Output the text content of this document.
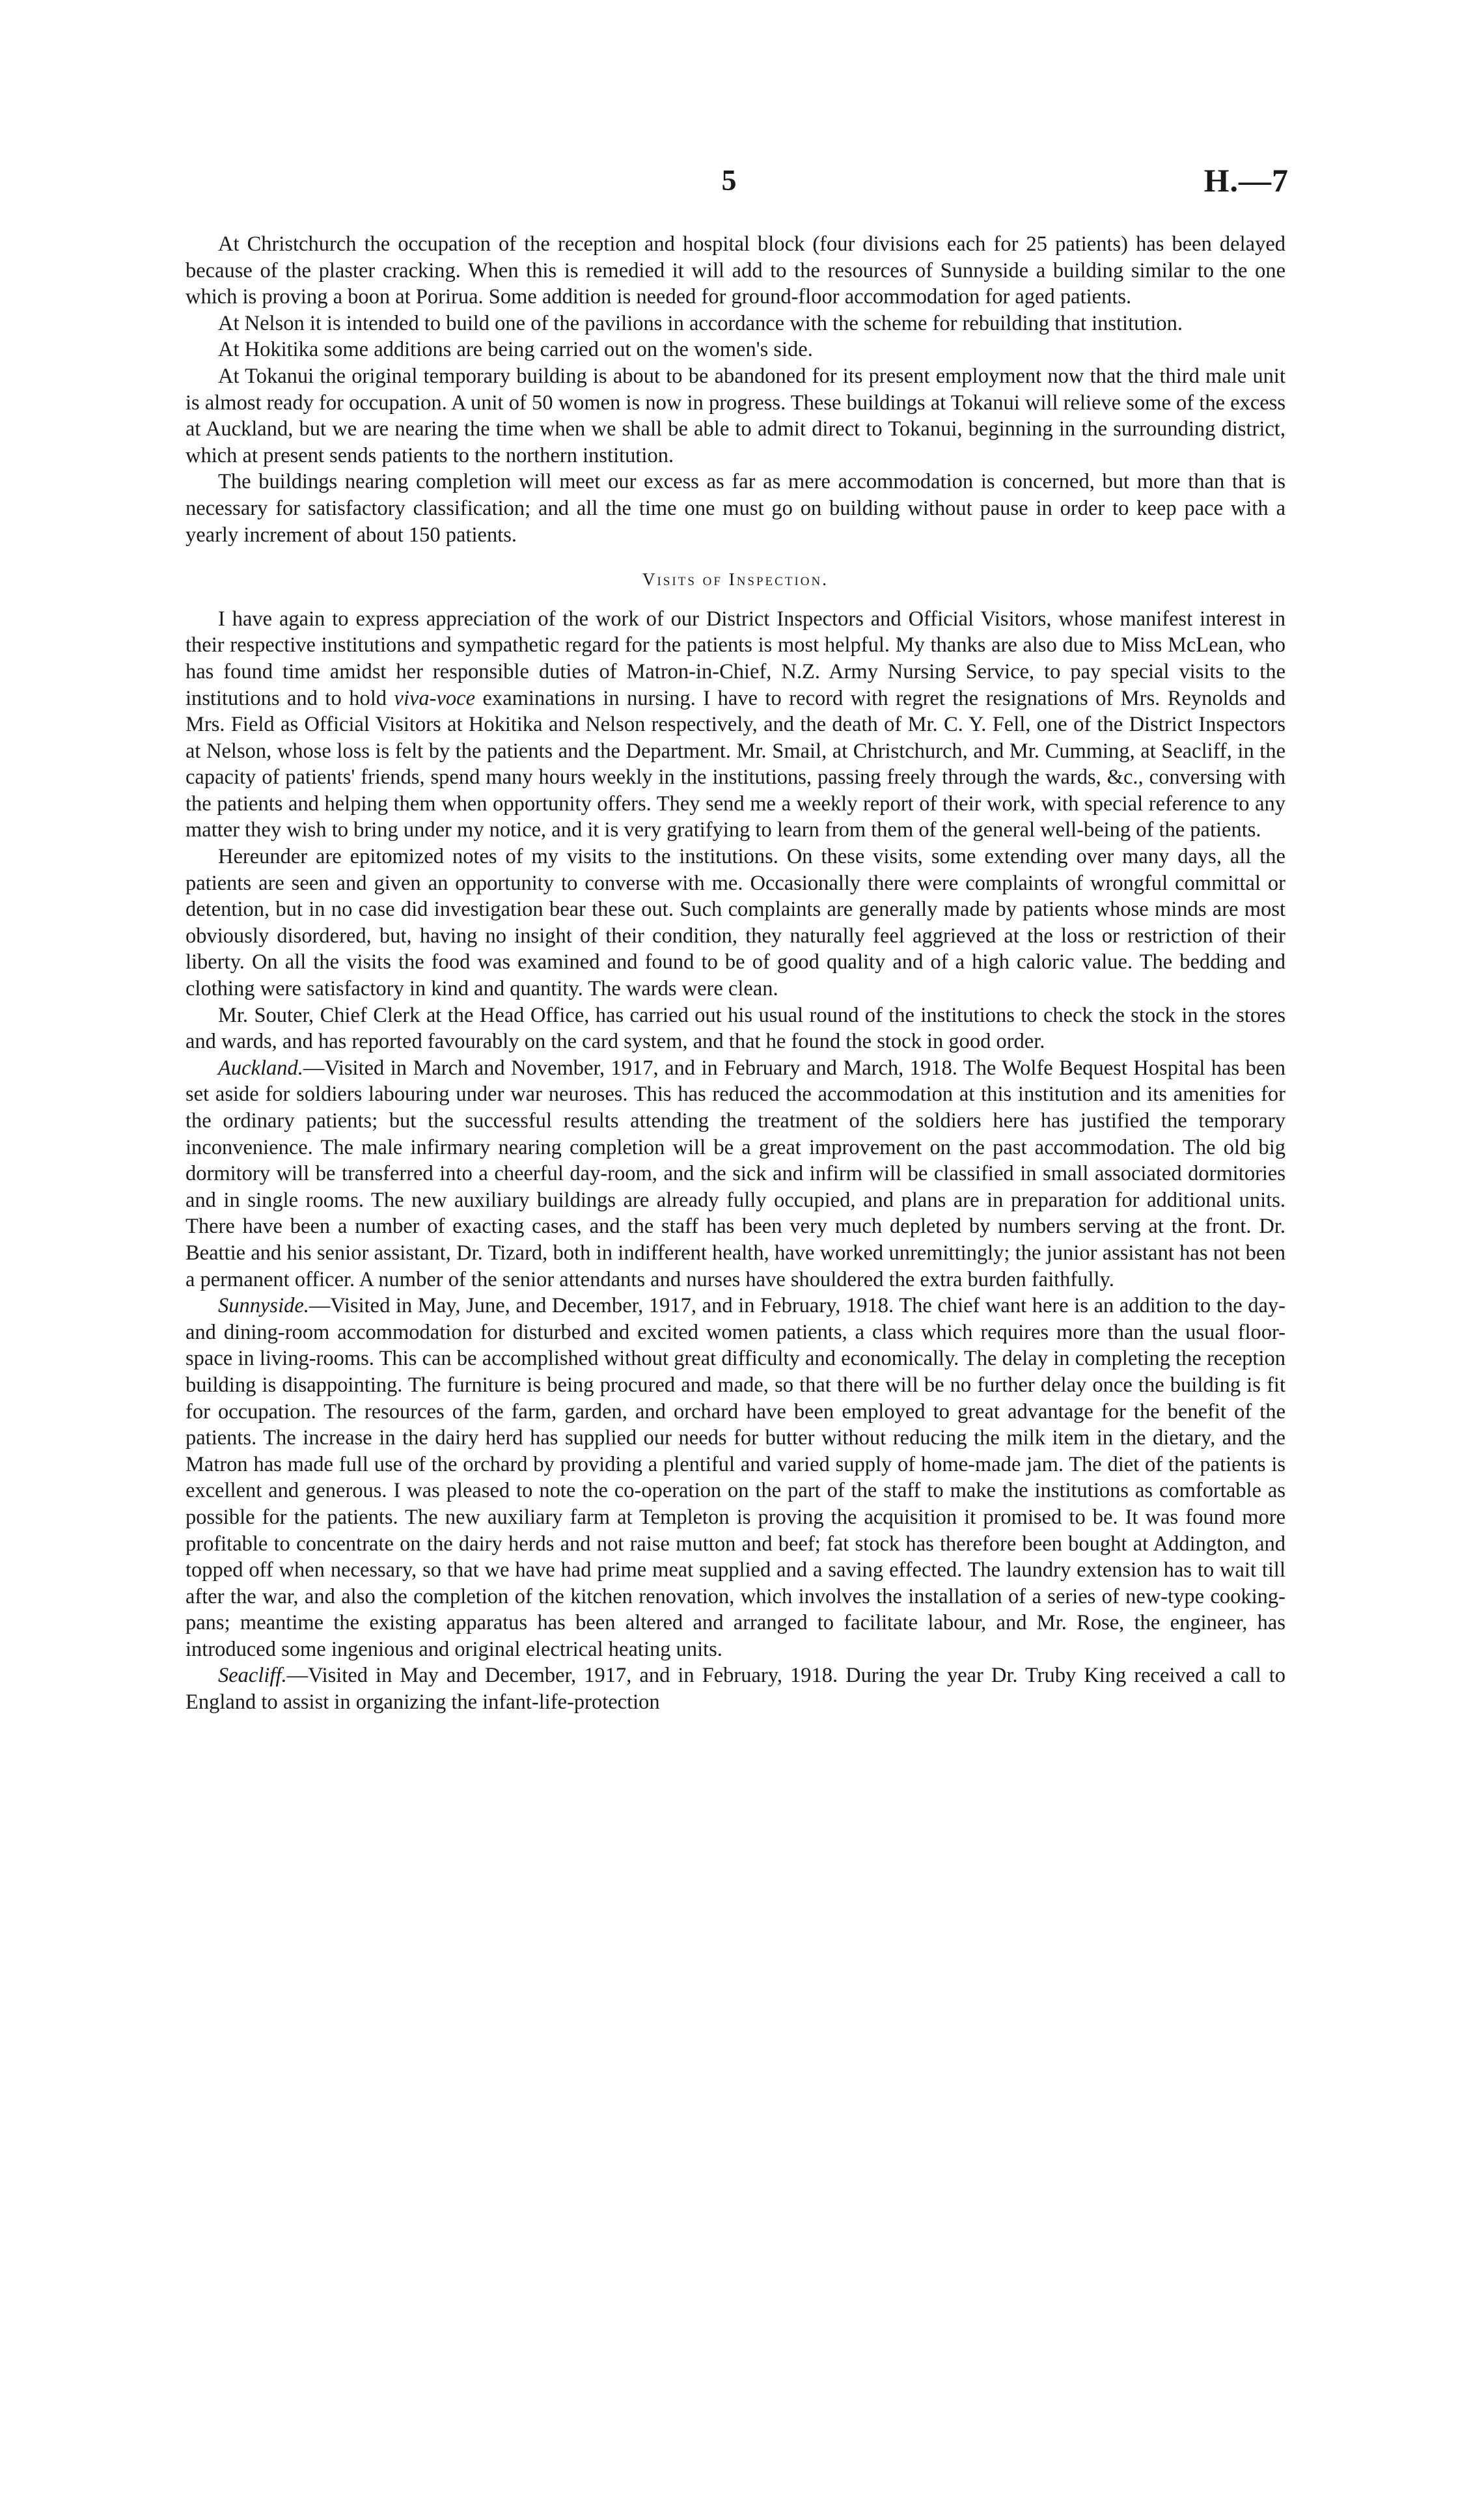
5	H.—7

At Christchurch the occupation of the reception and hospital block (four divisions each for 25 patients) has been delayed because of the plaster cracking. When this is remedied it will add to the resources of Sunnyside a building similar to the one which is proving a boon at Porirua. Some addition is needed for ground-floor accommodation for aged patients.

At Nelson it is intended to build one of the pavilions in accordance with the scheme for rebuilding that institution.

At Hokitika some additions are being carried out on the women's side.

At Tokanui the original temporary building is about to be abandoned for its present employment now that the third male unit is almost ready for occupation. A unit of 50 women is now in progress. These buildings at Tokanui will relieve some of the excess at Auckland, but we are nearing the time when we shall be able to admit direct to Tokanui, beginning in the surrounding district, which at present sends patients to the northern institution.

The buildings nearing completion will meet our excess as far as mere accommodation is concerned, but more than that is necessary for satisfactory classification; and all the time one must go on building without pause in order to keep pace with a yearly increment of about 150 patients.

Visits of Inspection.

I have again to express appreciation of the work of our District Inspectors and Official Visitors, whose manifest interest in their respective institutions and sympathetic regard for the patients is most helpful. My thanks are also due to Miss McLean, who has found time amidst her responsible duties of Matron-in-Chief, N.Z. Army Nursing Service, to pay special visits to the institutions and to hold viva-voce examinations in nursing. I have to record with regret the resignations of Mrs. Reynolds and Mrs. Field as Official Visitors at Hokitika and Nelson respectively, and the death of Mr. C. Y. Fell, one of the District Inspectors at Nelson, whose loss is felt by the patients and the Department. Mr. Smail, at Christchurch, and Mr. Cumming, at Seacliff, in the capacity of patients' friends, spend many hours weekly in the institutions, passing freely through the wards, &c., conversing with the patients and helping them when opportunity offers. They send me a weekly report of their work, with special reference to any matter they wish to bring under my notice, and it is very gratifying to learn from them of the general well-being of the patients.

Hereunder are epitomized notes of my visits to the institutions. On these visits, some extending over many days, all the patients are seen and given an opportunity to converse with me. Occasionally there were complaints of wrongful committal or detention, but in no case did investigation bear these out. Such complaints are generally made by patients whose minds are most obviously disordered, but, having no insight of their condition, they naturally feel aggrieved at the loss or restriction of their liberty. On all the visits the food was examined and found to be of good quality and of a high caloric value. The bedding and clothing were satisfactory in kind and quantity. The wards were clean.

Mr. Souter, Chief Clerk at the Head Office, has carried out his usual round of the institutions to check the stock in the stores and wards, and has reported favourably on the card system, and that he found the stock in good order.

Auckland.—Visited in March and November, 1917, and in February and March, 1918. The Wolfe Bequest Hospital has been set aside for soldiers labouring under war neuroses. This has reduced the accommodation at this institution and its amenities for the ordinary patients; but the successful results attending the treatment of the soldiers here has justified the temporary inconvenience. The male infirmary nearing completion will be a great improvement on the past accommodation. The old big dormitory will be transferred into a cheerful day-room, and the sick and infirm will be classified in small associated dormitories and in single rooms. The new auxiliary buildings are already fully occupied, and plans are in preparation for additional units. There have been a number of exacting cases, and the staff has been very much depleted by numbers serving at the front. Dr. Beattie and his senior assistant, Dr. Tizard, both in indifferent health, have worked unremittingly; the junior assistant has not been a permanent officer. A number of the senior attendants and nurses have shouldered the extra burden faithfully.

Sunnyside.—Visited in May, June, and December, 1917, and in February, 1918. The chief want here is an addition to the day- and dining-room accommodation for disturbed and excited women patients, a class which requires more than the usual floor-space in living-rooms. This can be accomplished without great difficulty and economically. The delay in completing the reception building is disappointing. The furniture is being procured and made, so that there will be no further delay once the building is fit for occupation. The resources of the farm, garden, and orchard have been employed to great advantage for the benefit of the patients. The increase in the dairy herd has supplied our needs for butter without reducing the milk item in the dietary, and the Matron has made full use of the orchard by providing a plentiful and varied supply of home-made jam. The diet of the patients is excellent and generous. I was pleased to note the co-operation on the part of the staff to make the institutions as comfortable as possible for the patients. The new auxiliary farm at Templeton is proving the acquisition it promised to be. It was found more profitable to concentrate on the dairy herds and not raise mutton and beef; fat stock has therefore been bought at Addington, and topped off when necessary, so that we have had prime meat supplied and a saving effected. The laundry extension has to wait till after the war, and also the completion of the kitchen renovation, which involves the installation of a series of new-type cooking-pans; meantime the existing apparatus has been altered and arranged to facilitate labour, and Mr. Rose, the engineer, has introduced some ingenious and original electrical heating units.

Seacliff.—Visited in May and December, 1917, and in February, 1918. During the year Dr. Truby King received a call to England to assist in organizing the infant-life-protection
